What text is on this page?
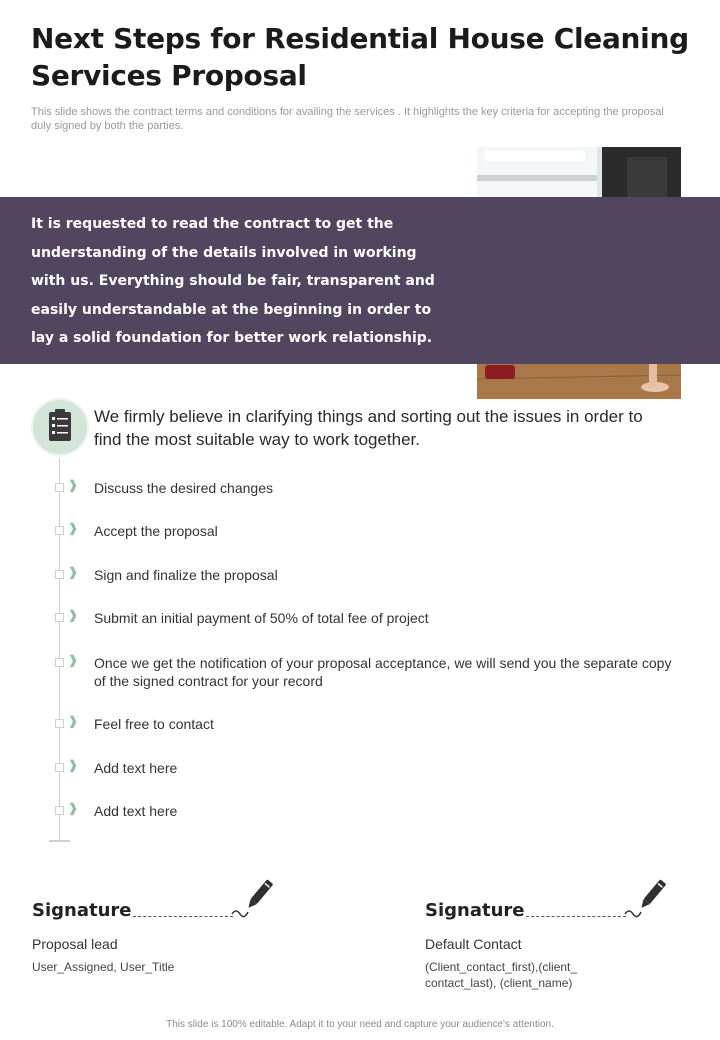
Next Steps for Residential House Cleaning Services Proposal

This slide shows the contract terms and conditions for availing the services . It highlights the key criteria for accepting the proposal duly signed by both the parties.

It is requested to read the contract to get the understanding of the details involved in working with us. Everything should be fair, transparent and easily understandable at the beginning in order to lay a solid foundation for better work relationship.

We firmly believe in clarifying things and sorting out the issues in order to find the most suitable way to work together.

❱ Discuss the desired changes
❱ Accept the proposal
❱ Sign and finalize the proposal
❱ Submit an initial payment of 50% of total fee of project
❱ Once we get the notification of your proposal acceptance, we will send you the separate copy of the signed contract for your record
❱ Feel free to contact
❱ Add text here
❱ Add text here
Signature
Proposal lead
User_Assigned, User_Title
Signature
Default Contact
(Client_contact_first),(client_ contact_last), (client_name)
This slide is 100% editable. Adapt it to your need and capture your audience's attention.
